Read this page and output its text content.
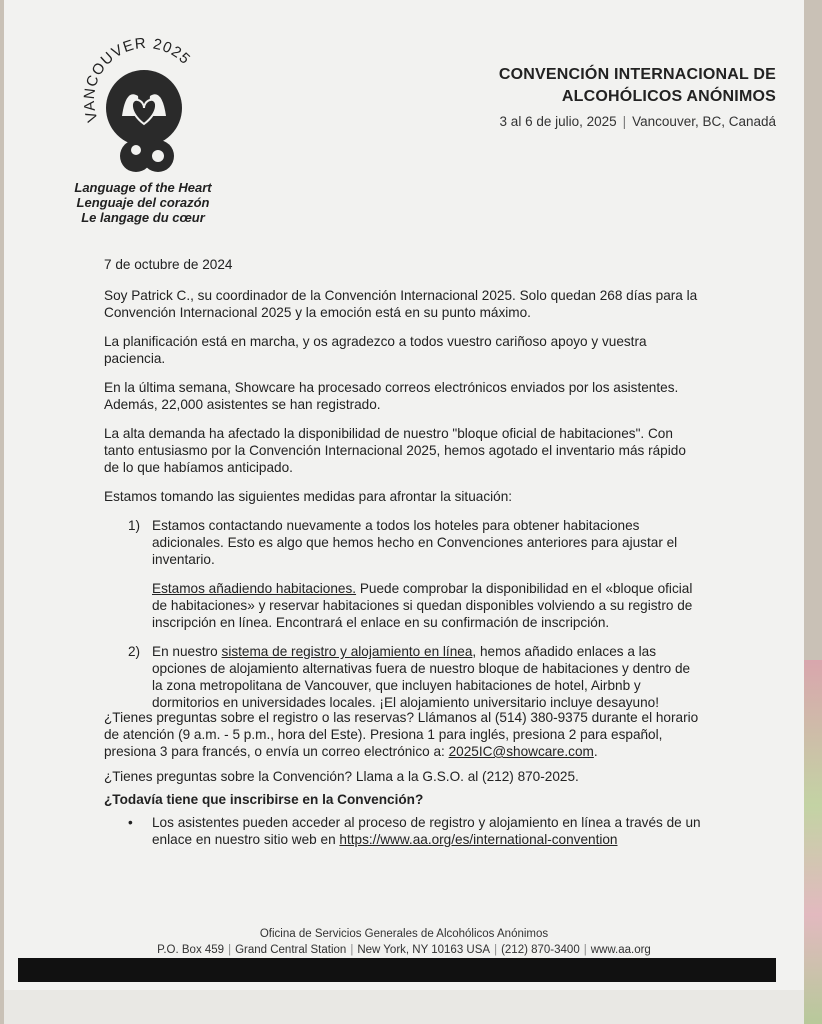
VANCOUVER 2025
Language of the Heart
Lenguaje del corazón
Le langage du cœur
CONVENCIÓN INTERNACIONAL DE
ALCOHÓLICOS ANÓNIMOS
3 al 6 de julio, 2025 | Vancouver, BC, Canadá

7 de octubre de 2024

Soy Patrick C., su coordinador de la Convención Internacional 2025. Solo quedan 268 días para la Convención Internacional 2025 y la emoción está en su punto máximo.

La planificación está en marcha, y os agradezco a todos vuestro cariñoso apoyo y vuestra paciencia.

En la última semana, Showcare ha procesado correos electrónicos enviados por los asistentes. Además, 22,000 asistentes se han registrado.

La alta demanda ha afectado la disponibilidad de nuestro "bloque oficial de habitaciones". Con tanto entusiasmo por la Convención Internacional 2025, hemos agotado el inventario más rápido de lo que habíamos anticipado.

Estamos tomando las siguientes medidas para afrontar la situación:

1) Estamos contactando nuevamente a todos los hoteles para obtener habitaciones adicionales. Esto es algo que hemos hecho en Convenciones anteriores para ajustar el inventario.

Estamos añadiendo habitaciones. Puede comprobar la disponibilidad en el «bloque oficial de habitaciones» y reservar habitaciones si quedan disponibles volviendo a su registro de inscripción en línea. Encontrará el enlace en su confirmación de inscripción.

2) En nuestro sistema de registro y alojamiento en línea, hemos añadido enlaces a las opciones de alojamiento alternativas fuera de nuestro bloque de habitaciones y dentro de la zona metropolitana de Vancouver, que incluyen habitaciones de hotel, Airbnb y dormitorios en universidades locales. ¡El alojamiento universitario incluye desayuno!

¿Tienes preguntas sobre el registro o las reservas? Llámanos al (514) 380-9375 durante el horario de atención (9 a.m. - 5 p.m., hora del Este). Presiona 1 para inglés, presiona 2 para español, presiona 3 para francés, o envía un correo electrónico a: 2025IC@showcare.com.

¿Tienes preguntas sobre la Convención? Llama a la G.S.O. al (212) 870-2025.

¿Todavía tiene que inscribirse en la Convención?

• Los asistentes pueden acceder al proceso de registro y alojamiento en línea a través de un enlace en nuestro sitio web en https://www.aa.org/es/international-convention
Oficina de Servicios Generales de Alcohólicos Anónimos
P.O. Box 459 | Grand Central Station | New York, NY 10163 USA | (212) 870-3400 | www.aa.org
